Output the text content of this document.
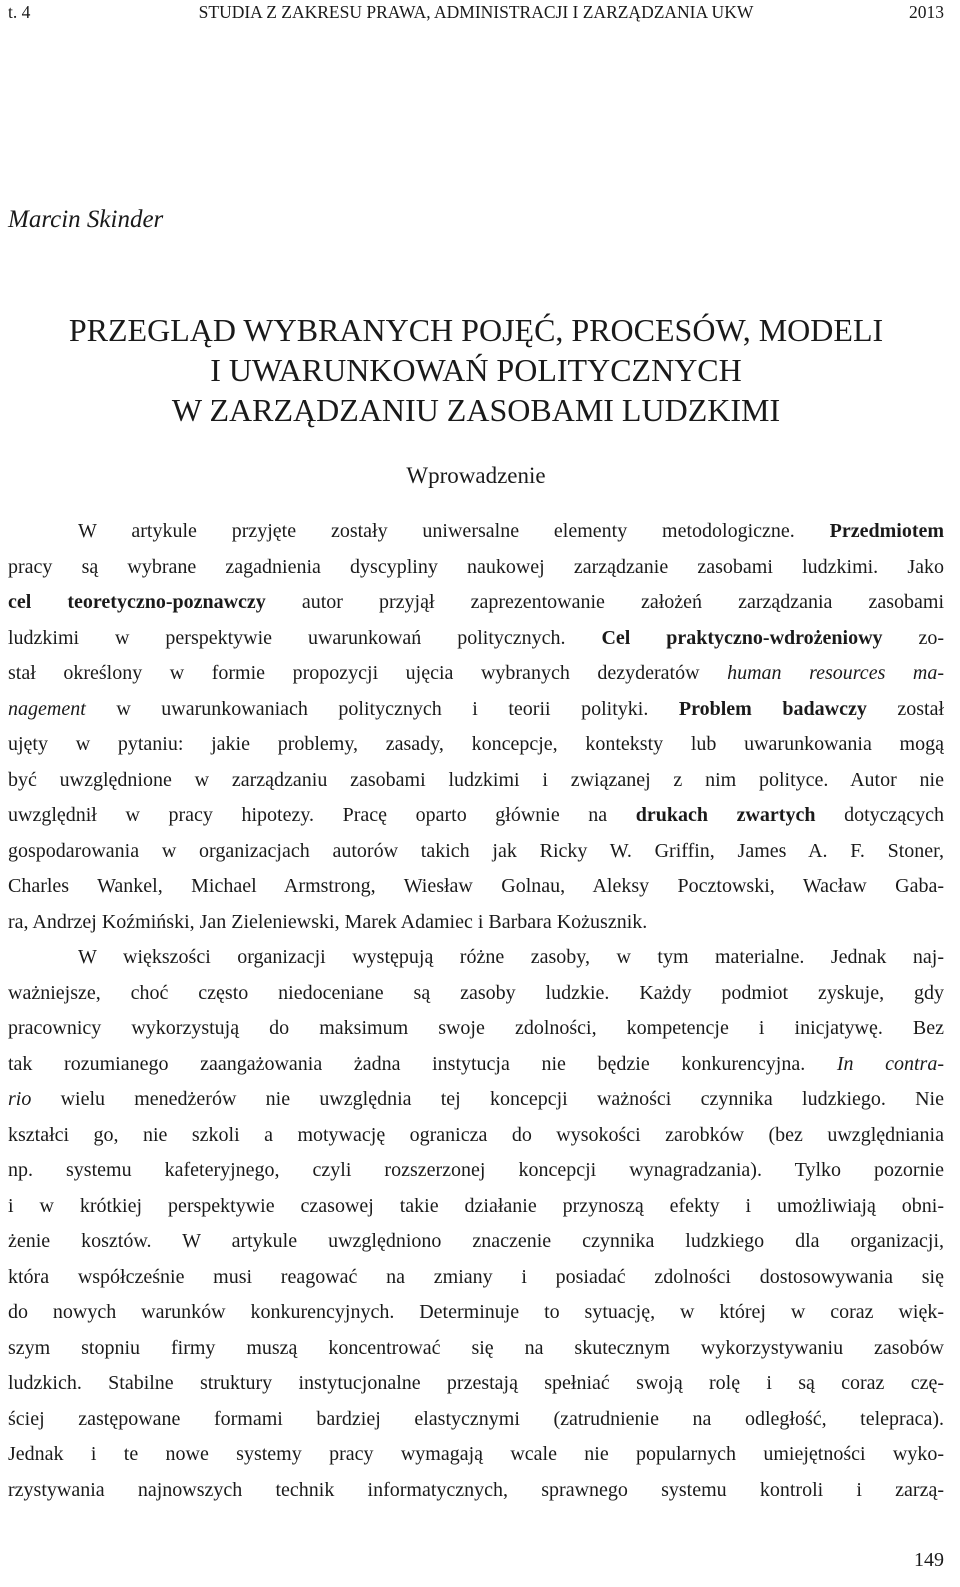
t. 4	STUDIA Z ZAKRESU PRAWA, ADMINISTRACJI I ZARZĄDZANIA UKW	2013
Marcin Skinder
PRZEGLĄD WYBRANYCH POJĘĆ, PROCESÓW, MODELI
I UWARUNKOWAŃ POLITYCZNYCH
W ZARZĄDZANIU ZASOBAMI LUDZKIMI
Wprowadzenie
W artykule przyjęte zostały uniwersalne elementy metodologiczne. Przedmiotem
pracy są wybrane zagadnienia dyscypliny naukowej zarządzanie zasobami ludzkimi. Jako
cel teoretyczno-poznawczy autor przyjął zaprezentowanie założeń zarządzania zasobami
ludzkimi w perspektywie uwarunkowań politycznych. Cel praktyczno-wdrożeniowy zo-
stał określony w formie propozycji ujęcia wybranych dezyderatów human resources ma-
nagement w uwarunkowaniach politycznych i teorii polityki. Problem badawczy został
ujęty w pytaniu: jakie problemy, zasady, koncepcje, konteksty lub uwarunkowania mogą
być uwzględnione w zarządzaniu zasobami ludzkimi i związanej z nim polityce. Autor nie
uwzględnił w pracy hipotezy. Pracę oparto głównie na drukach zwartych dotyczących
gospodarowania w organizacjach autorów takich jak Ricky W. Griffin, James A. F. Stoner,
Charles Wankel, Michael Armstrong, Wiesław Golnau, Aleksy Pocztowski, Wacław Gaba-
ra, Andrzej Koźmiński, Jan Zieleniewski, Marek Adamiec i Barbara Kożusznik.
W większości organizacji występują różne zasoby, w tym materialne. Jednak naj-
ważniejsze, choć często niedoceniane są zasoby ludzkie. Każdy podmiot zyskuje, gdy
pracownicy wykorzystują do maksimum swoje zdolności, kompetencje i inicjatywę. Bez
tak rozumianego zaangażowania żadna instytucja nie będzie konkurencyjna. In contra-
rio wielu menedżerów nie uwzględnia tej koncepcji ważności czynnika ludzkiego. Nie
kształci go, nie szkoli a motywację ogranicza do wysokości zarobków (bez uwzględniania
np. systemu kafeteryjnego, czyli rozszerzonej koncepcji wynagradzania). Tylko pozornie
i w krótkiej perspektywie czasowej takie działanie przynoszą efekty i umożliwiają obni-
żenie kosztów. W artykule uwzględniono znaczenie czynnika ludzkiego dla organizacji,
która współcześnie musi reagować na zmiany i posiadać zdolności dostosowywania się
do nowych warunków konkurencyjnych. Determinuje to sytuację, w której w coraz więk-
szym stopniu firmy muszą koncentrować się na skutecznym wykorzystywaniu zasobów
ludzkich. Stabilne struktury instytucjonalne przestają spełniać swoją rolę i są coraz czę-
ściej zastępowane formami bardziej elastycznymi (zatrudnienie na odległość, telepraca).
Jednak i te nowe systemy pracy wymagają wcale nie popularnych umiejętności wyko-
rzystywania najnowszych technik informatycznych, sprawnego systemu kontroli i zarzą-
149
